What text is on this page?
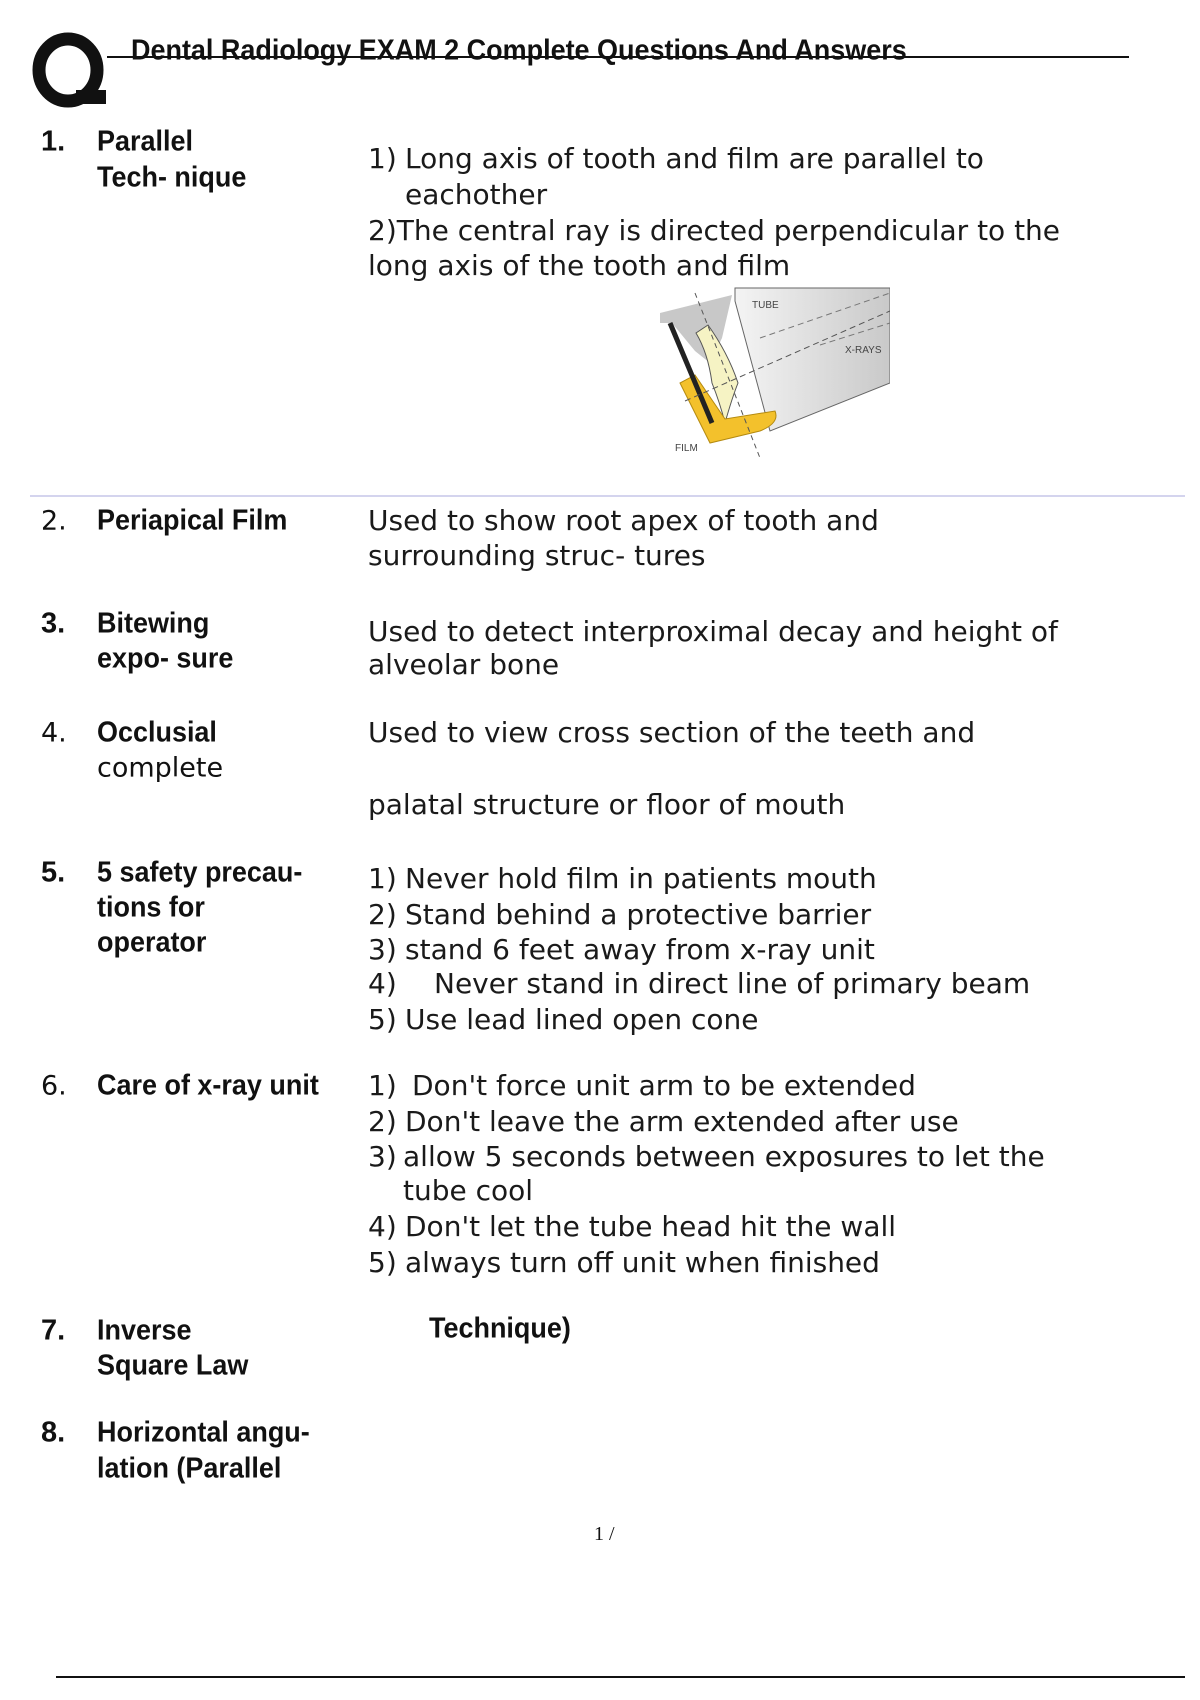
Dental Radiology EXAM 2 Complete Questions And Answers
1. Parallel
Tech- nique
1) Long axis of tooth and film are parallel to
eachother
2)The central ray is directed perpendicular to the
long axis of the tooth and film
TUBE
X-RAYS
FILM
2. Periapical Film	Used to show root apex of tooth and
surrounding struc- tures
3. Bitewing
expo- sure
Used to detect interproximal decay and height of
alveolar bone
4. Occlusial
complete
Used to view cross section of the teeth and
palatal structure or floor of mouth
5. 5 safety precau-
tions for
operator
1) Never hold film in patients mouth
2) Stand behind a protective barrier
3) stand 6 feet away from x-ray unit
4) Never stand in direct line of primary beam
5) Use lead lined open cone
6. Care of x-ray unit 1) Don't force unit arm to be extended
2) Don't leave the arm extended after use
3) allow 5 seconds between exposures to let the
tube cool
4) Don't let the tube head hit the wall
5) always turn off unit when finished
7. Inverse
Square Law
Technique)
8. Horizontal angu-
lation (Parallel
1 /
